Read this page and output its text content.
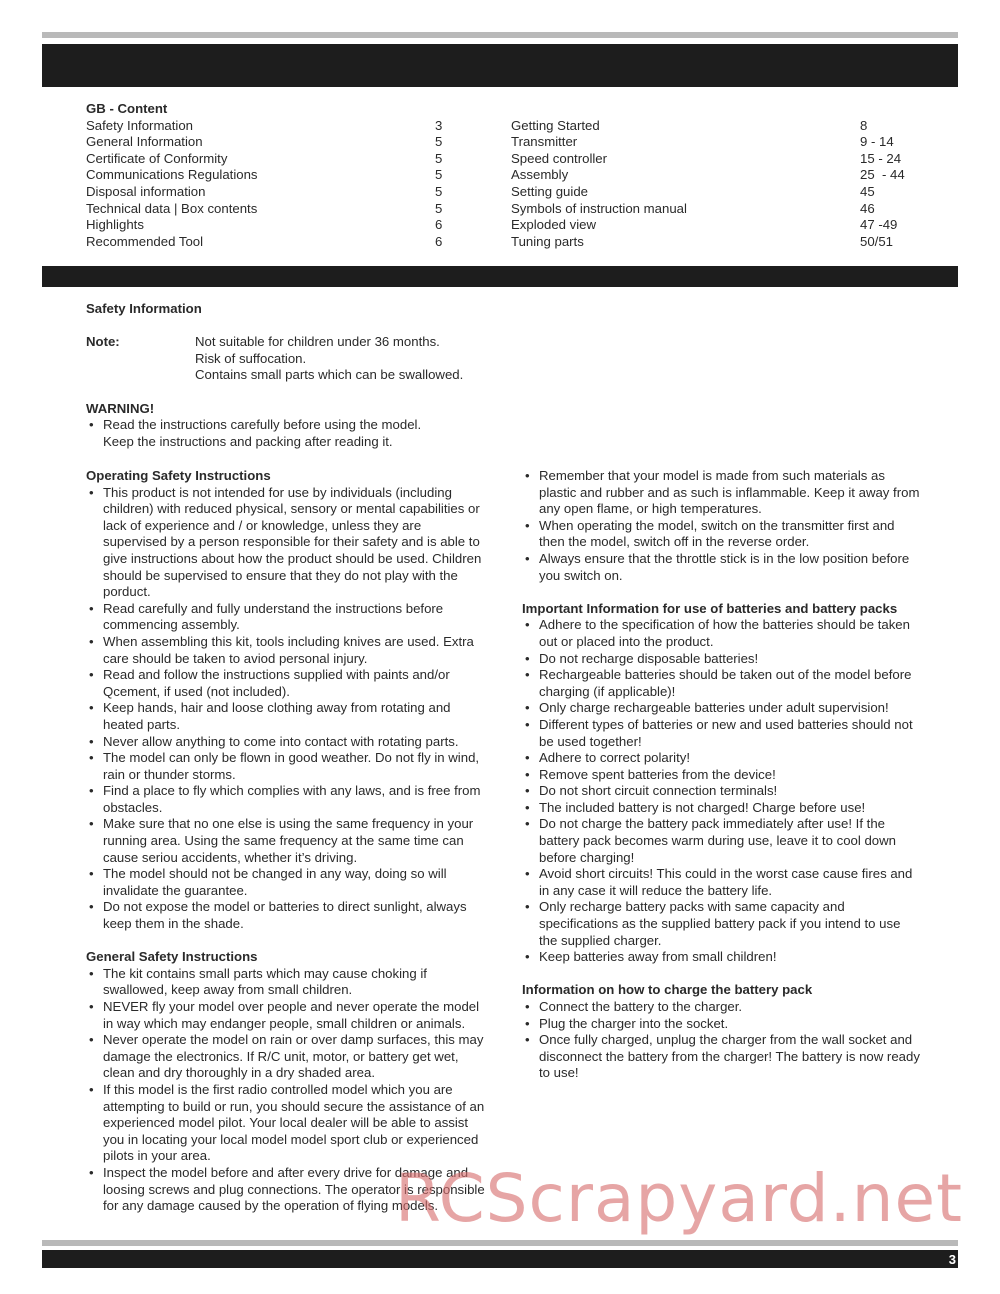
GB - Content
Safety Information	3
General Information	5
Certificate of Conformity	5
Communications Regulations	5
Disposal information	5
Technical data | Box contents	5
Highlights	6
Recommended Tool	6
Getting Started	8
Transmitter	9 - 14
Speed controller	15 - 24
Assembly	25  - 44
Setting guide	45
Symbols of instruction manual	46
Exploded view	47 -49
Tuning parts	50/51
Safety Information
Note:	Not suitable for children under 36 months.
Risk of suffocation.
Contains small parts which can be swallowed.
WARNING!
• Read the instructions carefully before using the model.
Keep the instructions and packing after reading it.
Operating Safety Instructions
• This product is not intended for use by individuals (including children) with reduced physical, sensory or mental capabilities or lack of experience and / or knowledge, unless they are supervised by a person responsible for their safety and is able to give instructions about how the product should be used. Children should be supervised to ensure that they do not play with the porduct.
• Read carefully and fully understand the instructions before commencing assembly.
• When assembling this kit, tools including knives are used. Extra care should be taken to aviod personal injury.
• Read and follow the instructions supplied with paints and/or Qcement, if used (not included).
• Keep hands, hair and loose clothing away from rotating and heated parts.
• Never allow anything to come into contact with rotating parts.
• The model can only be flown in good weather. Do not fly in wind, rain or thunder storms.
• Find a place to fly which complies with any laws, and is free from obstacles.
• Make sure that no one else is using the same frequency in your running area. Using the same frequency at the same time can cause seriou accidents, whether it’s driving.
• The model should not be changed in any way, doing so will invalidate the guarantee.
• Do not expose the model or batteries to direct sunlight, always keep them in the shade.
General Safety Instructions
• The kit contains small parts which may cause choking if swallowed, keep away from small children.
• NEVER fly your model over people and never operate the model in way which may endanger people, small children or animals.
• Never operate the model on rain or over damp surfaces, this may damage the electronics. If R/C unit, motor, or battery get wet, clean and dry thoroughly in a dry shaded area.
• If this model is the first radio controlled model which you are attempting to build or run, you should secure the assistance of an experienced model pilot. Your local dealer will be able to assist you in locating your local model model sport club or experienced pilots in your area.
• Inspect the model before and after every drive for damage and loosing screws and plug connections. The operator is responsible for any damage caused by the operation of flying models.
• Remember that your model is made from such materials as plastic and rubber and as such is inflammable. Keep it away from any open flame, or high temperatures.
• When operating the model, switch on the transmitter first and then the model, switch off in the reverse order.
• Always ensure that the throttle stick is in the low position before you switch on.
Important Information for use of batteries and battery packs
• Adhere to the specification of how the batteries should be taken out or placed into the product.
• Do not recharge disposable batteries!
• Rechargeable batteries should be taken out of the model before charging (if applicable)!
• Only charge rechargeable batteries under adult supervision!
• Different types of batteries or new and used batteries should not be used together!
• Adhere to correct polarity!
• Remove spent batteries from the device!
• Do not short circuit connection terminals!
• The included battery is not charged! Charge before use!
• Do not charge the battery pack immediately after use! If the battery pack becomes warm during use, leave it to cool down before charging!
• Avoid short circuits! This could in the worst case cause fires and in any case it will reduce the battery life.
• Only recharge battery packs with same capacity and specifications as the supplied battery pack if you intend to use the supplied charger.
• Keep batteries away from small children!
Information on how to charge the battery pack
• Connect the battery to the charger.
• Plug the charger into the socket.
• Once fully charged, unplug the charger from the wall socket and disconnect the battery from the charger! The battery is now ready to use!
RCScrapyard.net
3
